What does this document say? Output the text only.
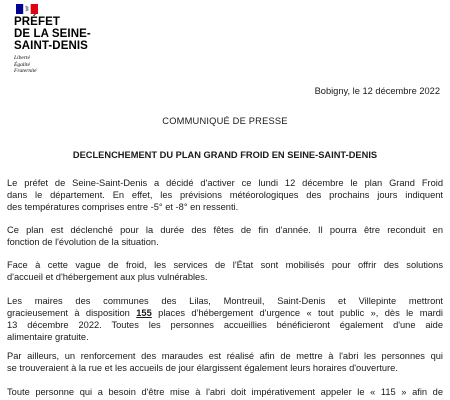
PRÉFET
DE LA SEINE-
SAINT-DENIS
Liberté
Égalité
Fraternité
Bobigny, le 12 décembre 2022
COMMUNIQUÉ DE PRESSE
DECLENCHEMENT DU PLAN GRAND FROID EN SEINE-SAINT-DENIS
Le préfet de Seine-Saint-Denis a décidé d'activer ce lundi 12 décembre le plan Grand Froid
dans le département. En effet, les prévisions météorologiques des prochains jours indiquent
des températures comprises entre -5° et -8° en ressenti.
Ce plan est déclenché pour la durée des fêtes de fin d'année. Il pourra être reconduit en
fonction de l'évolution de la situation.
Face à cette vague de froid, les services de l'État sont mobilisés pour offrir des solutions
d'accueil et d'hébergement aux plus vulnérables.
Les maires des communes des Lilas, Montreuil, Saint-Denis et Villepinte mettront
gracieusement à disposition 155 places d'hébergement d'urgence « tout public », dès le mardi
13 décembre 2022. Toutes les personnes accueillies bénéficieront également d'une aide
alimentaire gratuite.
Par ailleurs, un renforcement des maraudes est réalisé afin de mettre à l'abri les personnes qui
se trouveraient à la rue et les accueils de jour élargissent également leurs horaires d'ouverture.
Toute personne qui a besoin d'être mise à l'abri doit impérativement appeler le « 115 » afin de
